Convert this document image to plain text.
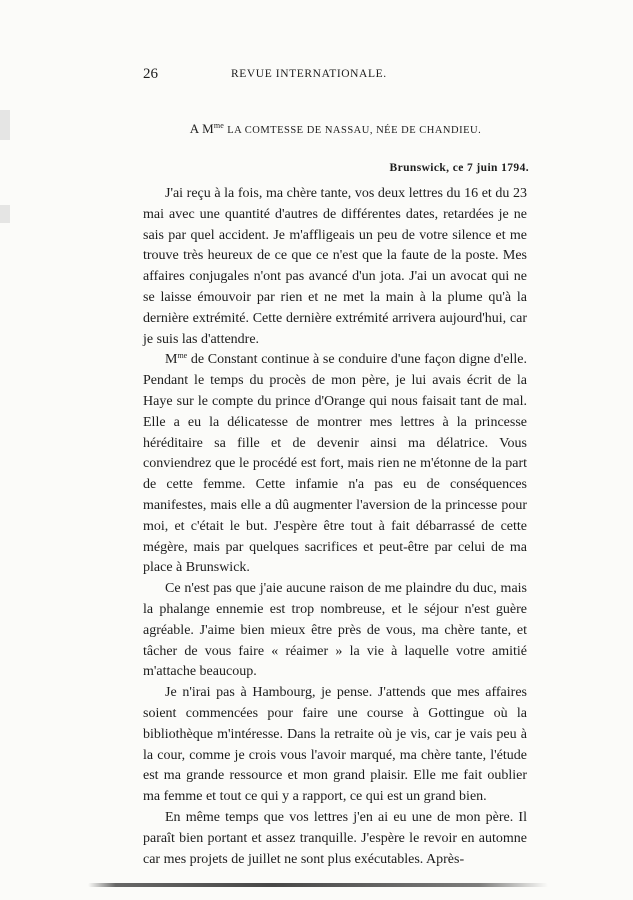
26	REVUE INTERNATIONALE.
A $M^{me}$ LA COMTESSE DE NASSAU, NÉE DE CHANDIEU.
Brunswick, ce 7 juin 1794.

J'ai reçu à la fois, ma chère tante, vos deux lettres du 16 et du 23 mai avec une quantité d'autres de différentes dates, retardées je ne sais par quel accident. Je m'affligeais un peu de votre silence et me trouve très heureux de ce que ce n'est que la faute de la poste. Mes affaires conjugales n'ont pas avancé d'un jota. J'ai un avocat qui ne se laisse émouvoir par rien et ne met la main à la plume qu'à la dernière extrémité. Cette dernière extrémité arrivera aujourd'hui, car je suis las d'attendre.

$M^{me}$ de Constant continue à se conduire d'une façon digne d'elle. Pendant le temps du procès de mon père, je lui avais écrit de la Haye sur le compte du prince d'Orange qui nous faisait tant de mal. Elle a eu la délicatesse de montrer mes lettres à la princesse héréditaire sa fille et de devenir ainsi ma délatrice. Vous conviendrez que le procédé est fort, mais rien ne m'étonne de la part de cette femme. Cette infamie n'a pas eu de conséquences manifestes, mais elle a dû augmenter l'aversion de la princesse pour moi, et c'était le but. J'espère être tout à fait débarrassé de cette mégère, mais par quelques sacrifices et peut-être par celui de ma place à Brunswick.

Ce n'est pas que j'aie aucune raison de me plaindre du duc, mais la phalange ennemie est trop nombreuse, et le séjour n'est guère agréable. J'aime bien mieux être près de vous, ma chère tante, et tâcher de vous faire « réaimer » la vie à laquelle votre amitié m'attache beaucoup.

Je n'irai pas à Hambourg, je pense. J'attends que mes affaires soient commencées pour faire une course à Gottingue où la bibliothèque m'intéresse. Dans la retraite où je vis, car je vais peu à la cour, comme je crois vous l'avoir marqué, ma chère tante, l'étude est ma grande ressource et mon grand plaisir. Elle me fait oublier ma femme et tout ce qui y a rapport, ce qui est un grand bien.

En même temps que vos lettres j'en ai eu une de mon père. Il paraît bien portant et assez tranquille. J'espère le revoir en automne car mes projets de juillet ne sont plus exécutables. Après-
